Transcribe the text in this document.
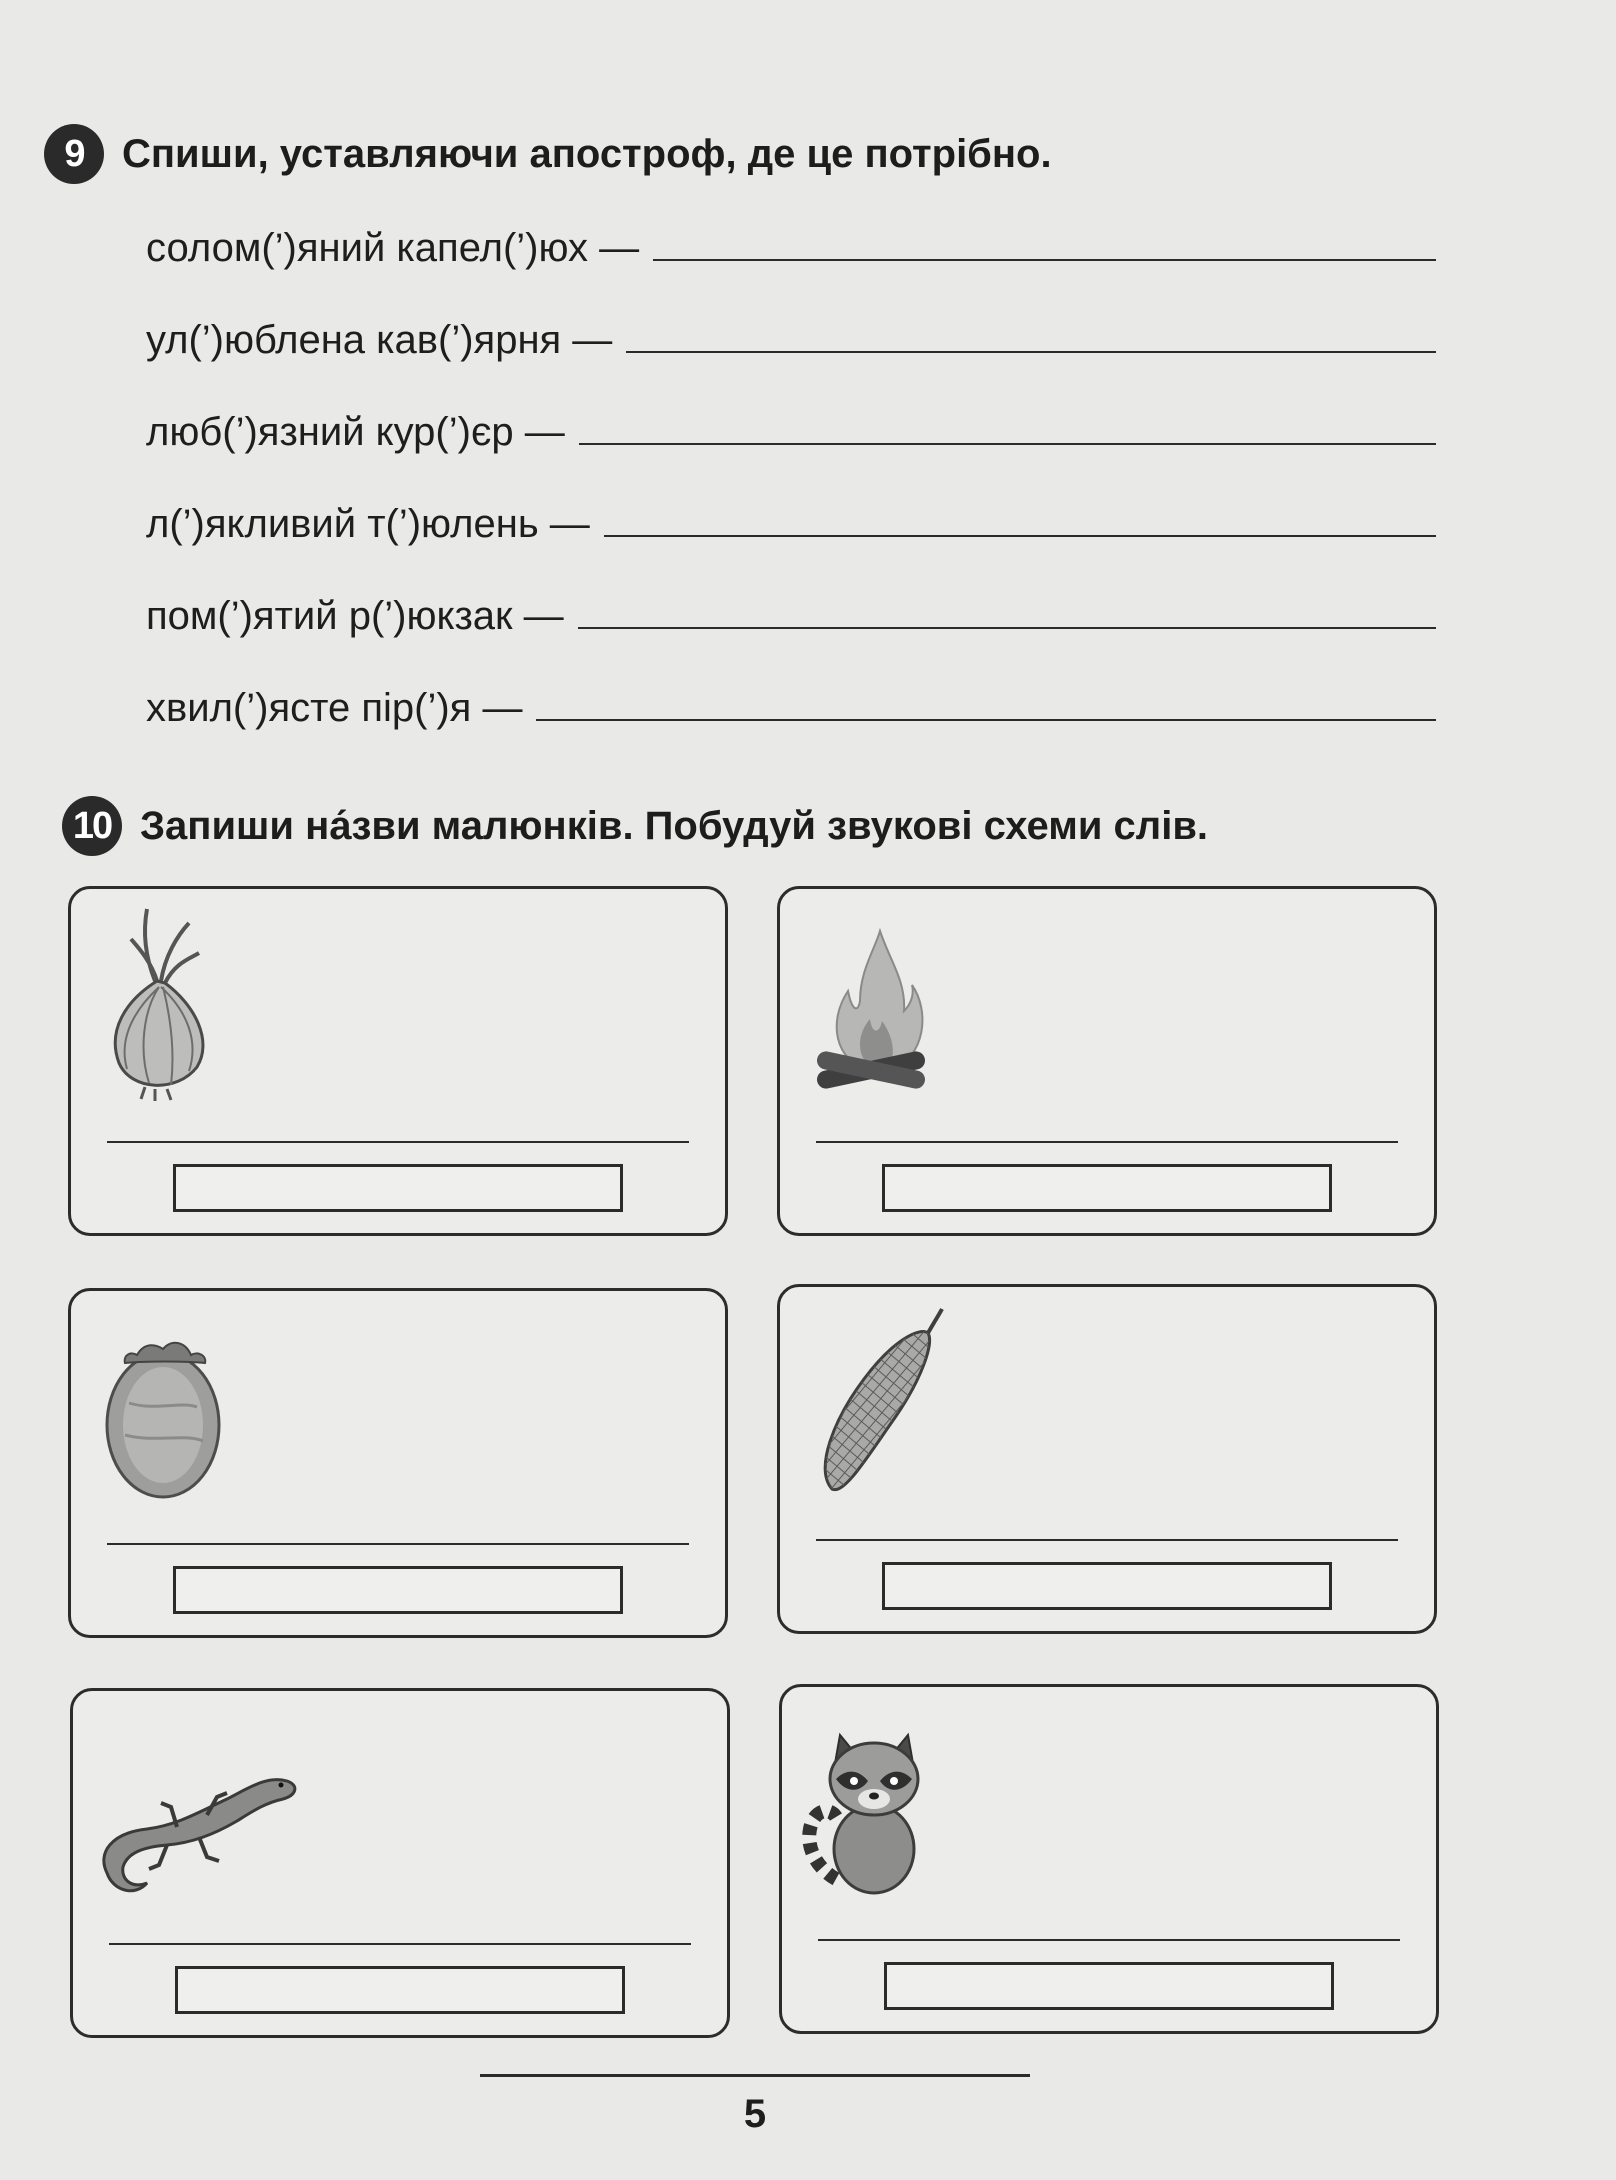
9 Спиши, уставляючи апостроф, де це потрібно.
солом(’)яний капел(’)юх —
ул(’)юблена кав(’)ярня —
люб(’)язний кур(’)єр —
л(’)якливий т(’)юлень —
пом(’)ятий р(’)юкзак —
хвил(’)ясте пір(’)я —
10 Запиши на́зви малюнків. Побудуй звукові схеми слів.
5
